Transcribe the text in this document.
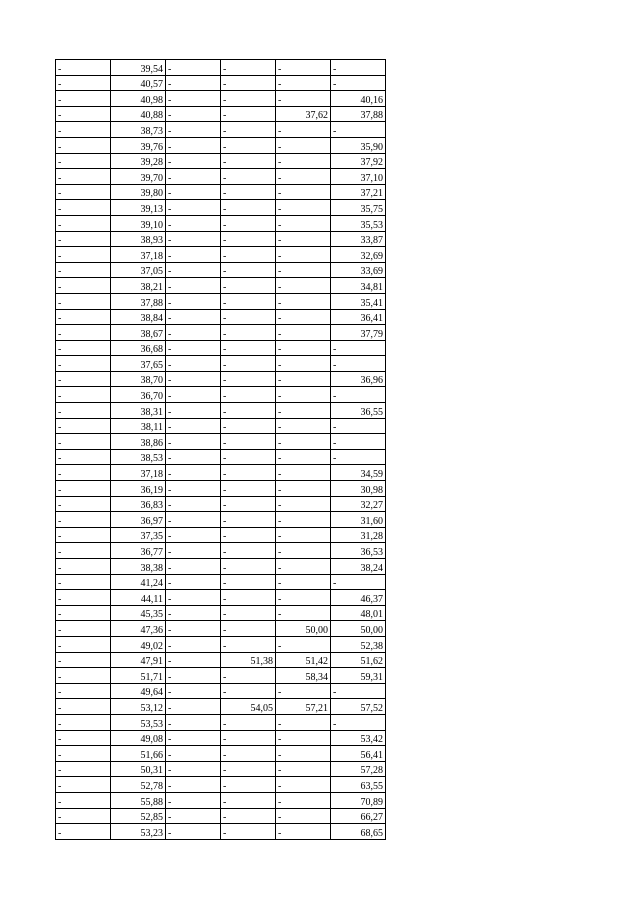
-	39,54	-	-	-	-
-	40,57	-	-	-	-
-	40,98	-	-	-	40,16
-	40,88	-	-	37,62	37,88
-	38,73	-	-	-	-
-	39,76	-	-	-	35,90
-	39,28	-	-	-	37,92
-	39,70	-	-	-	37,10
-	39,80	-	-	-	37,21
-	39,13	-	-	-	35,75
-	39,10	-	-	-	35,53
-	38,93	-	-	-	33,87
-	37,18	-	-	-	32,69
-	37,05	-	-	-	33,69
-	38,21	-	-	-	34,81
-	37,88	-	-	-	35,41
-	38,84	-	-	-	36,41
-	38,67	-	-	-	37,79
-	36,68	-	-	-	-
-	37,65	-	-	-	-
-	38,70	-	-	-	36,96
-	36,70	-	-	-	-
-	38,31	-	-	-	36,55
-	38,11	-	-	-	-
-	38,86	-	-	-	-
-	38,53	-	-	-	-
-	37,18	-	-	-	34,59
-	36,19	-	-	-	30,98
-	36,83	-	-	-	32,27
-	36,97	-	-	-	31,60
-	37,35	-	-	-	31,28
-	36,77	-	-	-	36,53
-	38,38	-	-	-	38,24
-	41,24	-	-	-	-
-	44,11	-	-	-	46,37
-	45,35	-	-	-	48,01
-	47,36	-	-	50,00	50,00
-	49,02	-	-	-	52,38
-	47,91	-	51,38	51,42	51,62
-	51,71	-	-	58,34	59,31
-	49,64	-	-	-	-
-	53,12	-	54,05	57,21	57,52
-	53,53	-	-	-	-
-	49,08	-	-	-	53,42
-	51,66	-	-	-	56,41
-	50,31	-	-	-	57,28
-	52,78	-	-	-	63,55
-	55,88	-	-	-	70,89
-	52,85	-	-	-	66,27
-	53,23	-	-	-	68,65
